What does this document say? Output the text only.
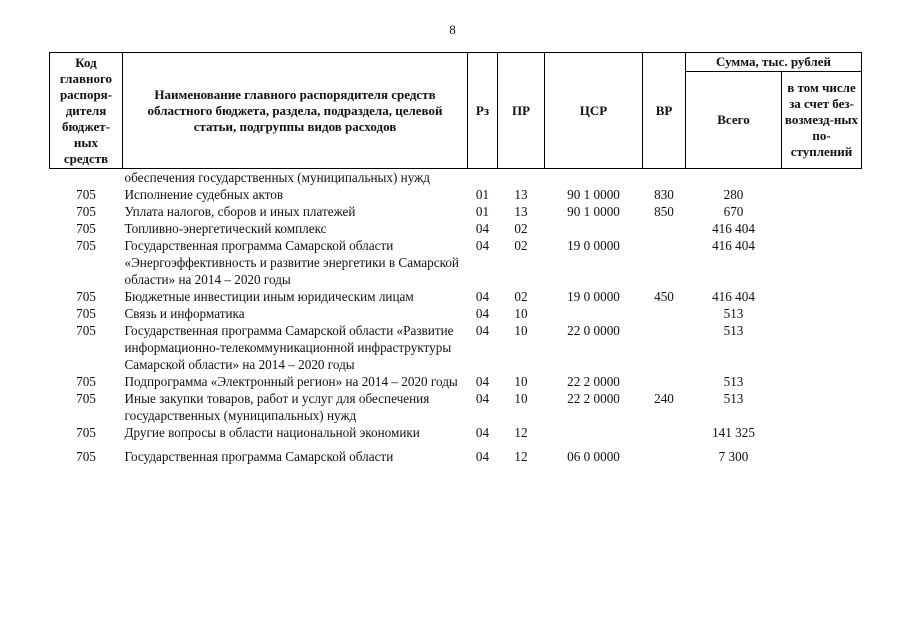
8
Код главного распоря-дителя бюджет-ных средств	Наименование главного распорядителя средств областного бюджета, раздела, подраздела, целевой статьи, подгруппы видов расходов	Рз	ПР	ЦСР	ВР	Сумма, тыс. рублей	
						Всего	в том числе за счет без-возмезд-ных по-ступлений
	обеспечения государственных (муниципальных) нужд						
705	Исполнение судебных актов	01	13	90 1 0000	830	280	
705	Уплата налогов, сборов и иных платежей	01	13	90 1 0000	850	670	
705	Топливно-энергетический комплекс	04	02			416 404	
705	Государственная программа Самарской области «Энергоэффективность и развитие энергетики в Самарской области» на 2014 – 2020 годы	04	02	19 0 0000		416 404	
705	Бюджетные инвестиции иным юридическим лицам	04	02	19 0 0000	450	416 404	
705	Связь и информатика	04	10			513	
705	Государственная программа Самарской области «Развитие информационно-телекоммуникационной инфраструктуры Самарской области» на 2014 – 2020 годы	04	10	22 0 0000		513	
705	Подпрограмма «Электронный регион» на 2014 – 2020 годы	04	10	22 2 0000		513	
705	Иные закупки товаров, работ и услуг для обеспечения государственных (муниципальных) нужд	04	10	22 2 0000	240	513	
705	Другие вопросы в области национальной экономики	04	12			141 325	
705	Государственная программа Самарской области	04	12	06 0 0000		7 300	
